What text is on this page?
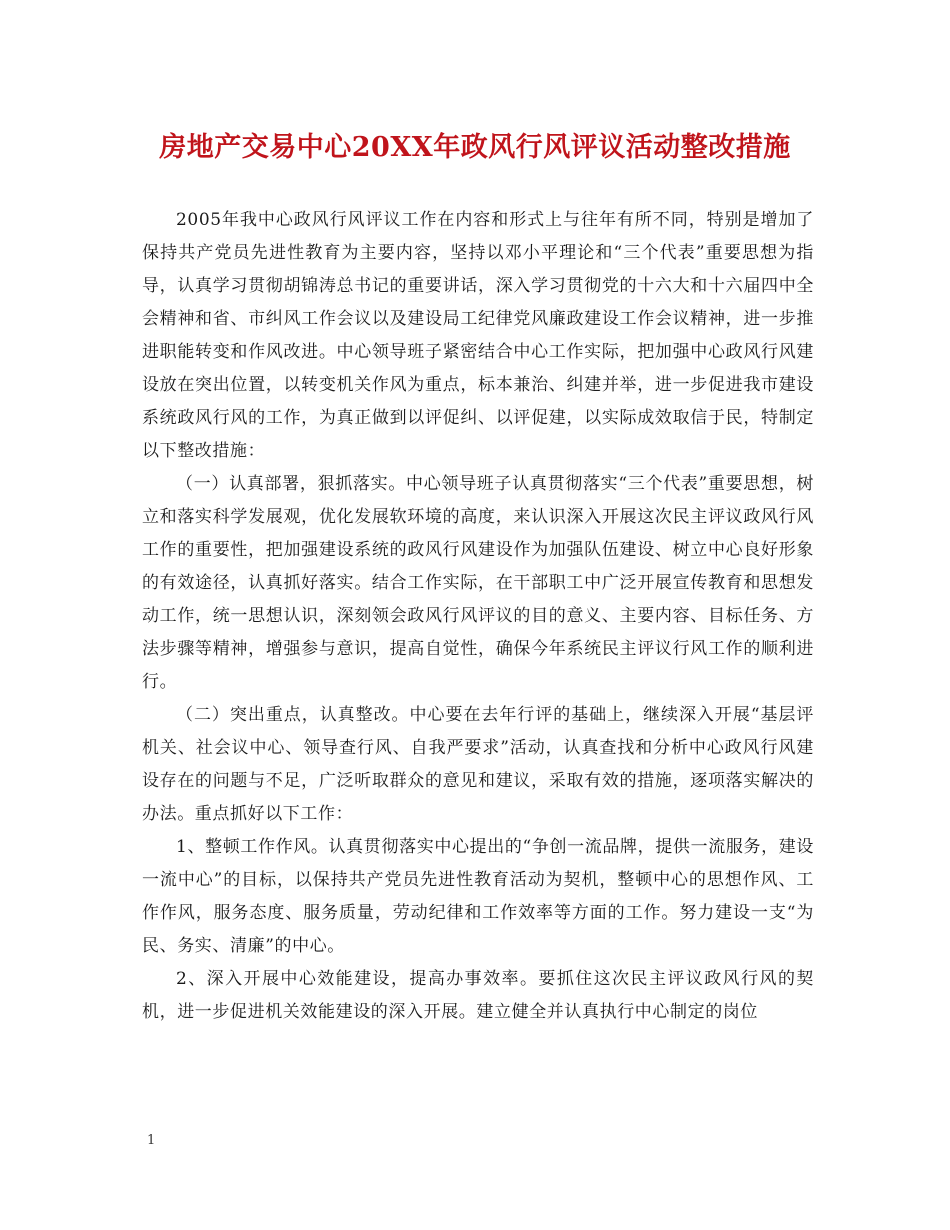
房地产交易中心20XX年政风行风评议活动整改措施

2005年我中心政风行风评议工作在内容和形式上与往年有所不同，特别是增加了保持共产党员先进性教育为主要内容，坚持以邓小平理论和“三个代表”重要思想为指导，认真学习贯彻胡锦涛总书记的重要讲话，深入学习贯彻党的十六大和十六届四中全会精神和省、市纠风工作会议以及建设局工纪律党风廉政建设工作会议精神，进一步推进职能转变和作风改进。中心领导班子紧密结合中心工作实际，把加强中心政风行风建设放在突出位置，以转变机关作风为重点，标本兼治、纠建并举，进一步促进我市建设系统政风行风的工作，为真正做到以评促纠、以评促建，以实际成效取信于民，特制定以下整改措施：

（一）认真部署，狠抓落实。中心领导班子认真贯彻落实“三个代表”重要思想，树立和落实科学发展观，优化发展软环境的高度，来认识深入开展这次民主评议政风行风工作的重要性，把加强建设系统的政风行风建设作为加强队伍建设、树立中心良好形象的有效途径，认真抓好落实。结合工作实际，在干部职工中广泛开展宣传教育和思想发动工作，统一思想认识，深刻领会政风行风评议的目的意义、主要内容、目标任务、方法步骤等精神，增强参与意识，提高自觉性，确保今年系统民主评议行风工作的顺利进行。

（二）突出重点，认真整改。中心要在去年行评的基础上，继续深入开展“基层评机关、社会议中心、领导查行风、自我严要求”活动，认真查找和分析中心政风行风建设存在的问题与不足，广泛听取群众的意见和建议，采取有效的措施，逐项落实解决的办法。重点抓好以下工作：

1、整顿工作作风。认真贯彻落实中心提出的“争创一流品牌，提供一流服务，建设一流中心”的目标，以保持共产党员先进性教育活动为契机，整顿中心的思想作风、工作作风，服务态度、服务质量，劳动纪律和工作效率等方面的工作。努力建设一支“为民、务实、清廉”的中心。

2、深入开展中心效能建设，提高办事效率。要抓住这次民主评议政风行风的契机，进一步促进机关效能建设的深入开展。建立健全并认真执行中心制定的岗位

1
